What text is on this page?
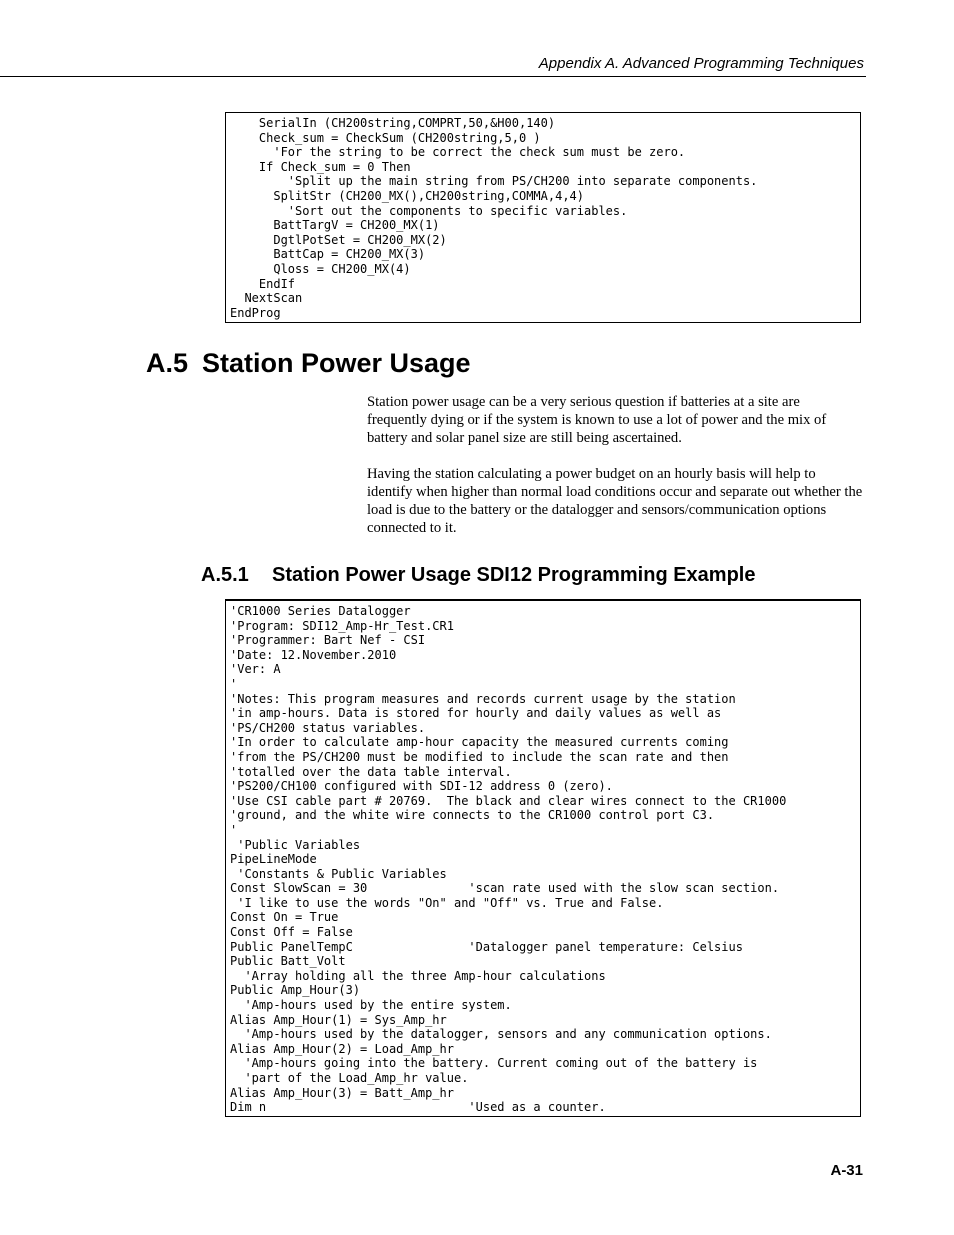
Appendix A. Advanced Programming Techniques
SerialIn (CH200string,COMPRT,50,&H00,140)
Check_sum = CheckSum (CH200string,5,0 )
'For the string to be correct the check sum must be zero.
If Check_sum = 0 Then
'Split up the main string from PS/CH200 into separate components.
SplitStr (CH200_MX(),CH200string,COMMA,4,4)
'Sort out the components to specific variables.
BattTargV = CH200_MX(1)
DgtlPotSet = CH200_MX(2)
BattCap = CH200_MX(3)
Qloss = CH200_MX(4)
EndIf
NextScan
EndProg
A.5 Station Power Usage

Station power usage can be a very serious question if batteries at a site are frequently dying or if the system is known to use a lot of power and the mix of battery and solar panel size are still being ascertained.

Having the station calculating a power budget on an hourly basis will help to identify when higher than normal load conditions occur and separate out whether the load is due to the battery or the datalogger and sensors/communication options connected to it.

A.5.1 Station Power Usage SDI12 Programming Example
'CR1000 Series Datalogger
'Program: SDI12_Amp-Hr_Test.CR1
'Programmer: Bart Nef - CSI
'Date: 12.November.2010
'Ver: A
'
'Notes: This program measures and records current usage by the station
'in amp-hours. Data is stored for hourly and daily values as well as
'PS/CH200 status variables.
'In order to calculate amp-hour capacity the measured currents coming
'from the PS/CH200 must be modified to include the scan rate and then
'totalled over the data table interval.
'PS200/CH100 configured with SDI-12 address 0 (zero).
'Use CSI cable part # 20769.  The black and clear wires connect to the CR1000
'ground, and the white wire connects to the CR1000 control port C3.
'
'Public Variables
PipeLineMode
'Constants & Public Variables
Const SlowScan = 30              'scan rate used with the slow scan section.
'I like to use the words "On" and "Off" vs. True and False.
Const On = True
Const Off = False
Public PanelTempC                'Datalogger panel temperature: Celsius
Public Batt_Volt
'Array holding all the three Amp-hour calculations
Public Amp_Hour(3)
'Amp-hours used by the entire system.
Alias Amp_Hour(1) = Sys_Amp_hr
'Amp-hours used by the datalogger, sensors and any communication options.
Alias Amp_Hour(2) = Load_Amp_hr
'Amp-hours going into the battery. Current coming out of the battery is
'part of the Load_Amp_hr value.
Alias Amp_Hour(3) = Batt_Amp_hr
Dim n                            'Used as a counter.
A-31
